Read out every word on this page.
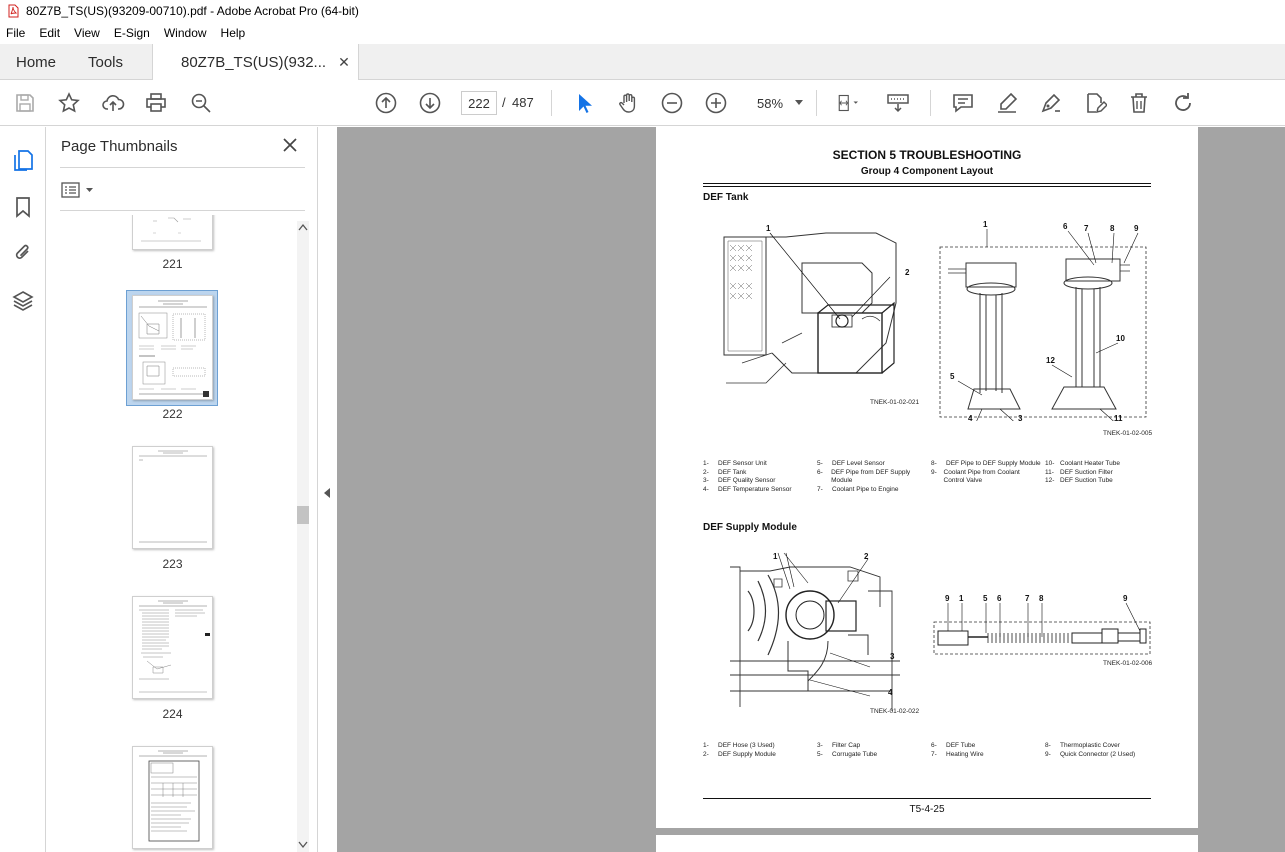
80Z7B_TS(US)(93209-00710).pdf - Adobe Acrobat Pro (64-bit)
File	Edit	View	E-Sign	Window	Help
Home Tools	80Z7B_TS(US)(932... ✕
222 / 487	58%
Page Thumbnails
221
222
223
224
SECTION 5 TROUBLESHOOTING
Group 4 Component Layout
DEF Tank
1
2
TNEK-01-02-021
1	6 7	8 9
10
12
5
4	3	11
TNEK-01-02-005
1-	DEF Sensor Unit
2-	DEF Tank
3-	DEF Quality Sensor
4-	DEF Temperature Sensor
5-	DEF Level Sensor
6-	DEF Pipe from DEF Supply Module
7-	Coolant Pipe to Engine
8-	DEF Pipe to DEF Supply Module
9-	Coolant Pipe from Coolant Control Valve
10- Coolant Heater Tube
11- DEF Suction Filter
12- DEF Suction Tube
DEF Supply Module
1	2
3
4
TNEK-01-02-022
9 1 5 6	7 8	9
TNEK-01-02-006
1-	DEF Hose (3 Used)
2-	DEF Supply Module
3-	Filter Cap
5-	Corrugate Tube
6-	DEF Tube
7-	Heating Wire
8-	Thermoplastic Cover
9-	Quick Connector (2 Used)
T5-4-25
